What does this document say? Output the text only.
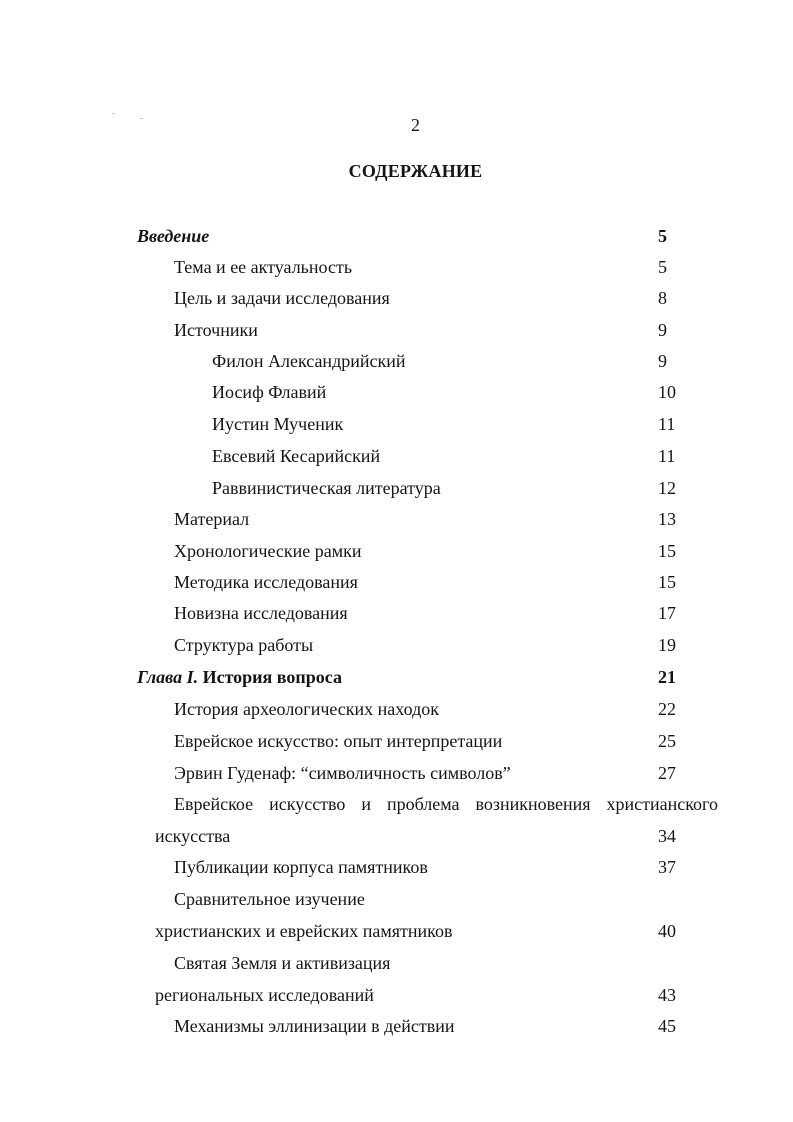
2
СОДЕРЖАНИЕ
Введение	5
Тема и ее актуальность	5
Цель и задачи исследования	8
Источники	9
Филон Александрийский	9
Иосиф Флавий	10
Иустин Мученик	11
Евсевий Кесарийский	11
Раввинистическая литература	12
Материал	13
Хронологические рамки	15
Методика исследования	15
Новизна исследования	17
Структура работы	19
Глава I. История вопроса	21
История археологических находок	22
Еврейское искусство: опыт интерпретации	25
Эрвин Гуденаф: “символичность символов”	27
Еврейское искусство и проблема возникновения христианского
искусства	34
Публикации корпуса памятников	37
Сравнительное изучение
христианских и еврейских памятников	40
Святая Земля и активизация
региональных исследований	43
Механизмы эллинизации в действии	45
